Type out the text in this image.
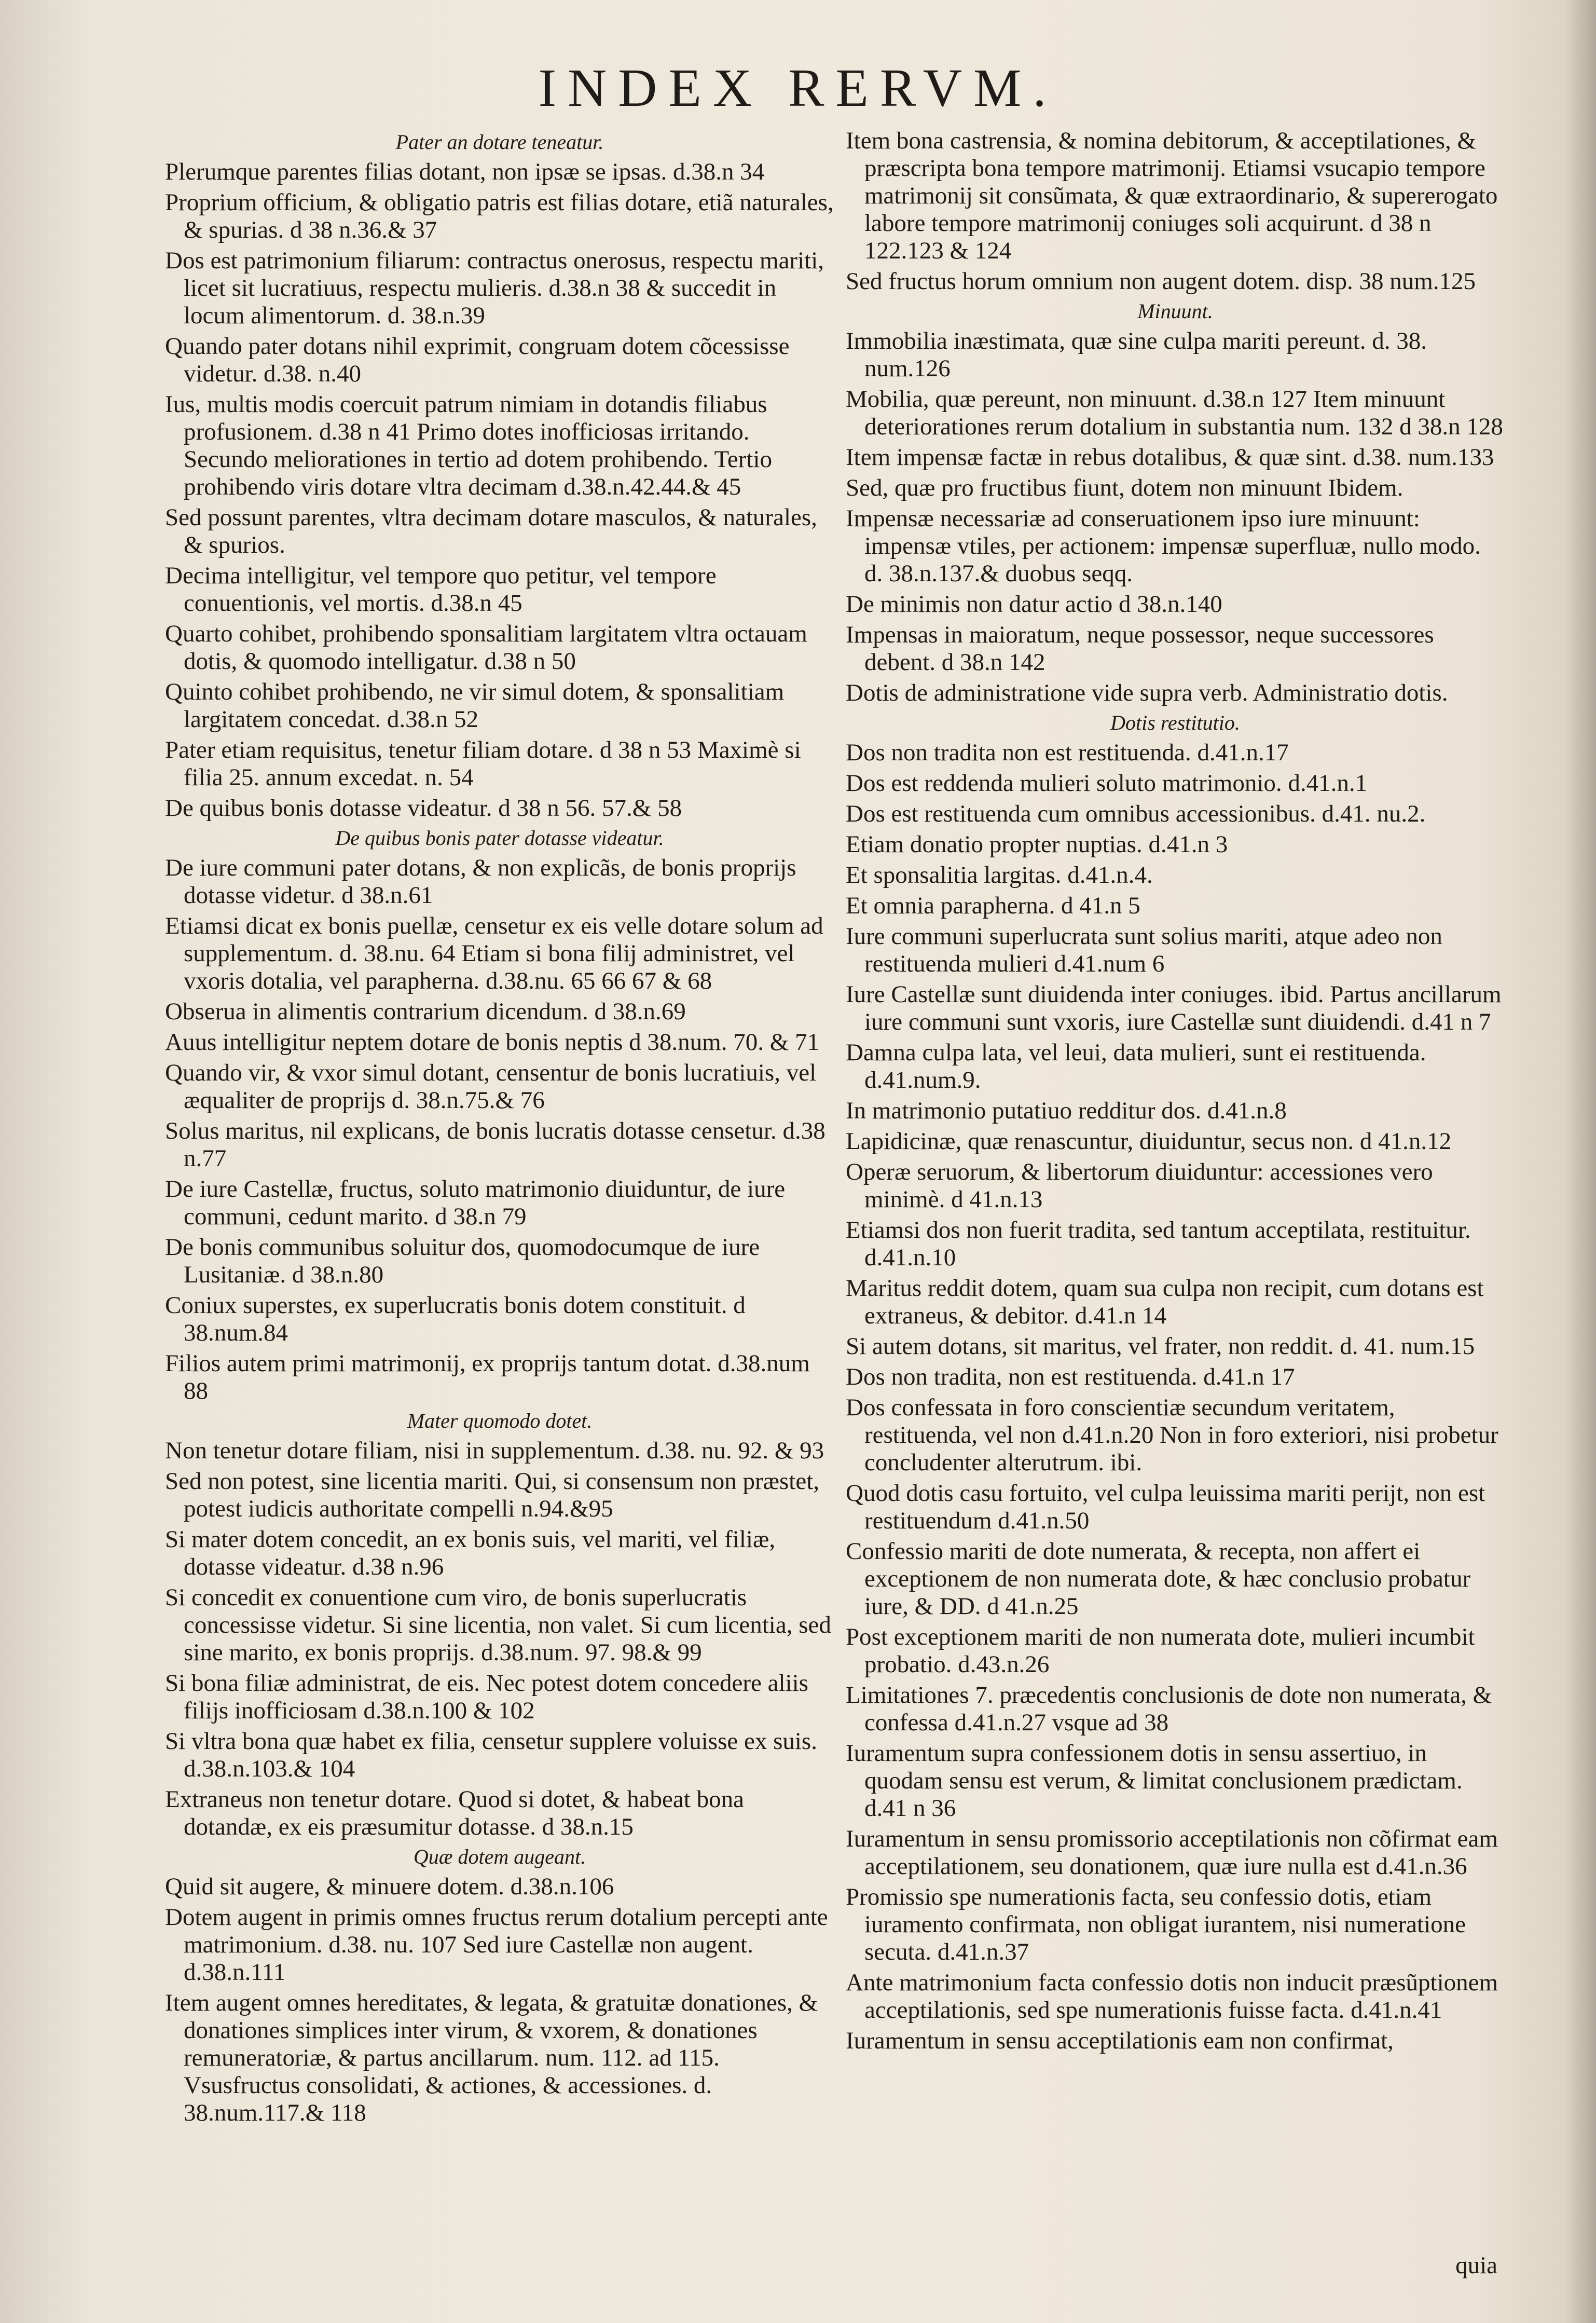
INDEX RERVM.
Pater an dotare teneatur.
Plerumque parentes filias dotant, non ipsæ se ipsas. d.38.n 34
Proprium officium, & obligatio patris est filias dotare, etiã naturales, & spurias. d 38 n.36.& 37
Dos est patrimonium filiarum: contractus onerosus, respectu mariti, licet sit lucratiuus, respectu mulieris. d.38.n 38 & succedit in locum alimentorum. d. 38.n.39
Quando pater dotans nihil exprimit, congruam dotem cõcessisse videtur. d.38. n.40
Ius, multis modis coercuit patrum nimiam in dotandis filiabus profusionem. d.38 n 41 Primo dotes inofficiosas irritando. Secundo meliorationes in tertio ad dotem prohibendo. Tertio prohibendo viris dotare vltra decimam d.38.n.42.44.& 45
Sed possunt parentes, vltra decimam dotare masculos, & naturales, & spurios.
Decima intelligitur, vel tempore quo petitur, vel tempore conuentionis, vel mortis. d.38.n 45
Quarto cohibet, prohibendo sponsalitiam largitatem vltra octauam dotis, & quomodo intelligatur. d.38 n 50
Quinto cohibet prohibendo, ne vir simul dotem, & sponsalitiam largitatem concedat. d.38.n 52
Pater etiam requisitus, tenetur filiam dotare. d 38 n 53 Maximè si filia 25. annum excedat. n. 54
De quibus bonis dotasse videatur. d 38 n 56. 57.& 58
De quibus bonis pater dotasse videatur.
De iure communi pater dotans, & non explicãs, de bonis proprijs dotasse videtur. d 38.n.61
Etiamsi dicat ex bonis puellæ, censetur ex eis velle dotare solum ad supplementum. d. 38.nu. 64 Etiam si bona filij administret, vel vxoris dotalia, vel parapherna. d.38.nu. 65 66 67 & 68
Obserua in alimentis contrarium dicendum. d 38.n.69
Auus intelligitur neptem dotare de bonis neptis d 38.num. 70. & 71
Quando vir, & vxor simul dotant, censentur de bonis lucratiuis, vel æqualiter de proprijs d. 38.n.75.& 76
Solus maritus, nil explicans, de bonis lucratis dotasse censetur. d.38 n.77
De iure Castellæ, fructus, soluto matrimonio diuiduntur, de iure communi, cedunt marito. d 38.n 79
De bonis communibus soluitur dos, quomodocumque de iure Lusitaniæ. d 38.n.80
Coniux superstes, ex superlucratis bonis dotem constituit. d 38.num.84
Filios autem primi matrimonij, ex proprijs tantum dotat. d.38.num 88
Mater quomodo dotet.
Non tenetur dotare filiam, nisi in supplementum. d.38. nu. 92. & 93
Sed non potest, sine licentia mariti. Qui, si consensum non præstet, potest iudicis authoritate compelli n.94.&95
Si mater dotem concedit, an ex bonis suis, vel mariti, vel filiæ, dotasse videatur. d.38 n.96
Si concedit ex conuentione cum viro, de bonis superlucratis concessisse videtur. Si sine licentia, non valet. Si cum licentia, sed sine marito, ex bonis proprijs. d.38.num. 97. 98.& 99
Si bona filiæ administrat, de eis. Nec potest dotem concedere aliis filijs inofficiosam d.38.n.100 & 102
Si vltra bona quæ habet ex filia, censetur supplere voluisse ex suis. d.38.n.103.& 104
Extraneus non tenetur dotare. Quod si dotet, & habeat bona dotandæ, ex eis præsumitur dotasse. d 38.n.15
Quæ dotem augeant.
Quid sit augere, & minuere dotem. d.38.n.106
Dotem augent in primis omnes fructus rerum dotalium percepti ante matrimonium. d.38. nu. 107 Sed iure Castellæ non augent. d.38.n.111
Item augent omnes hereditates, & legata, & gratuitæ donationes, & donationes simplices inter virum, & vxorem, & donationes remuneratoriæ, & partus ancillarum. num. 112. ad 115. Vsusfructus consolidati, & actiones, & accessiones. d. 38.num.117.& 118
Item bona castrensia, & nomina debitorum, & acceptilationes, & præscripta bona tempore matrimonij. Etiamsi vsucapio tempore matrimonij sit consũmata, & quæ extraordinario, & supererogato labore tempore matrimonij coniuges soli acquirunt. d 38 n 122.123 & 124
Sed fructus horum omnium non augent dotem. disp. 38 num.125
Minuunt.
Immobilia inæstimata, quæ sine culpa mariti pereunt. d. 38. num.126
Mobilia, quæ pereunt, non minuunt. d.38.n 127 Item minuunt deteriorationes rerum dotalium in substantia num. 132 d 38.n 128
Item impensæ factæ in rebus dotalibus, & quæ sint. d.38. num.133
Sed, quæ pro fructibus fiunt, dotem non minuunt Ibidem.
Impensæ necessariæ ad conseruationem ipso iure minuunt: impensæ vtiles, per actionem: impensæ superfluæ, nullo modo. d. 38.n.137.& duobus seqq.
De minimis non datur actio d 38.n.140
Impensas in maioratum, neque possessor, neque successores debent. d 38.n 142
Dotis de administratione vide supra verb. Administratio dotis.
Dotis restitutio.
Dos non tradita non est restituenda. d.41.n.17
Dos est reddenda mulieri soluto matrimonio. d.41.n.1
Dos est restituenda cum omnibus accessionibus. d.41. nu.2.
Etiam donatio propter nuptias. d.41.n 3
Et sponsalitia largitas. d.41.n.4.
Et omnia parapherna. d 41.n 5
Iure communi superlucrata sunt solius mariti, atque adeo non restituenda mulieri d.41.num 6
Iure Castellæ sunt diuidenda inter coniuges. ibid. Partus ancillarum iure communi sunt vxoris, iure Castellæ sunt diuidendi. d.41 n 7
Damna culpa lata, vel leui, data mulieri, sunt ei restituenda. d.41.num.9.
In matrimonio putatiuo redditur dos. d.41.n.8
Lapidicinæ, quæ renascuntur, diuiduntur, secus non. d 41.n.12
Operæ seruorum, & libertorum diuiduntur: accessiones vero minimè. d 41.n.13
Etiamsi dos non fuerit tradita, sed tantum acceptilata, restituitur. d.41.n.10
Maritus reddit dotem, quam sua culpa non recipit, cum dotans est extraneus, & debitor. d.41.n 14
Si autem dotans, sit maritus, vel frater, non reddit. d. 41. num.15
Dos non tradita, non est restituenda. d.41.n 17
Dos confessata in foro conscientiæ secundum veritatem, restituenda, vel non d.41.n.20 Non in foro exteriori, nisi probetur concludenter alterutrum. ibi.
Quod dotis casu fortuito, vel culpa leuissima mariti perijt, non est restituendum d.41.n.50
Confessio mariti de dote numerata, & recepta, non affert ei exceptionem de non numerata dote, & hæc conclusio probatur iure, & DD. d 41.n.25
Post exceptionem mariti de non numerata dote, mulieri incumbit probatio. d.43.n.26
Limitationes 7. præcedentis conclusionis de dote non numerata, & confessa d.41.n.27 vsque ad 38
Iuramentum supra confessionem dotis in sensu assertiuo, in quodam sensu est verum, & limitat conclusionem prædictam. d.41 n 36
Iuramentum in sensu promissorio acceptilationis non cõfirmat eam acceptilationem, seu donationem, quæ iure nulla est d.41.n.36
Promissio spe numerationis facta, seu confessio dotis, etiam iuramento confirmata, non obligat iurantem, nisi numeratione secuta. d.41.n.37
Ante matrimonium facta confessio dotis non inducit præsũptionem acceptilationis, sed spe numerationis fuisse facta. d.41.n.41
Iuramentum in sensu acceptilationis eam non confirmat,
quia
